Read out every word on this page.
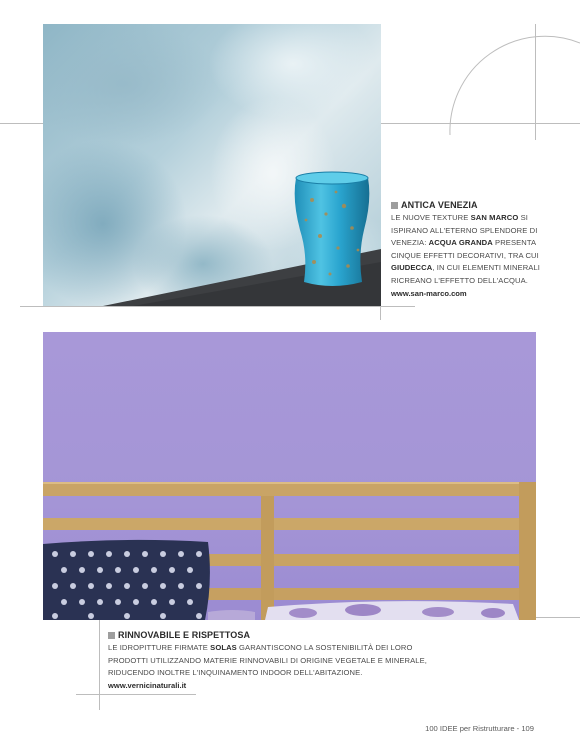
ANTICA VENEZIA
LE NUOVE TEXTURE SAN MARCO SI ISPIRANO ALL'ETERNO SPLENDORE DI VENEZIA: ACQUA GRANDA PRESENTA CINQUE EFFETTI DECORATIVI, TRA CUI GIUDECCA, IN CUI ELEMENTI MINERALI RICREANO L'EFFETTO DELL'ACQUA.
www.san-marco.com
RINNOVABILE E RISPETTOSA
LE IDROPITTURE FIRMATE SOLAS GARANTISCONO LA SOSTENIBILITÀ DEI LORO PRODOTTI UTILIZZANDO MATERIE RINNOVABILI DI ORIGINE VEGETALE E MINERALE, RIDUCENDO INOLTRE L'INQUINAMENTO INDOOR DELL'ABITAZIONE.
www.vernicinaturali.it
100 IDEE per Ristrutturare - 109
